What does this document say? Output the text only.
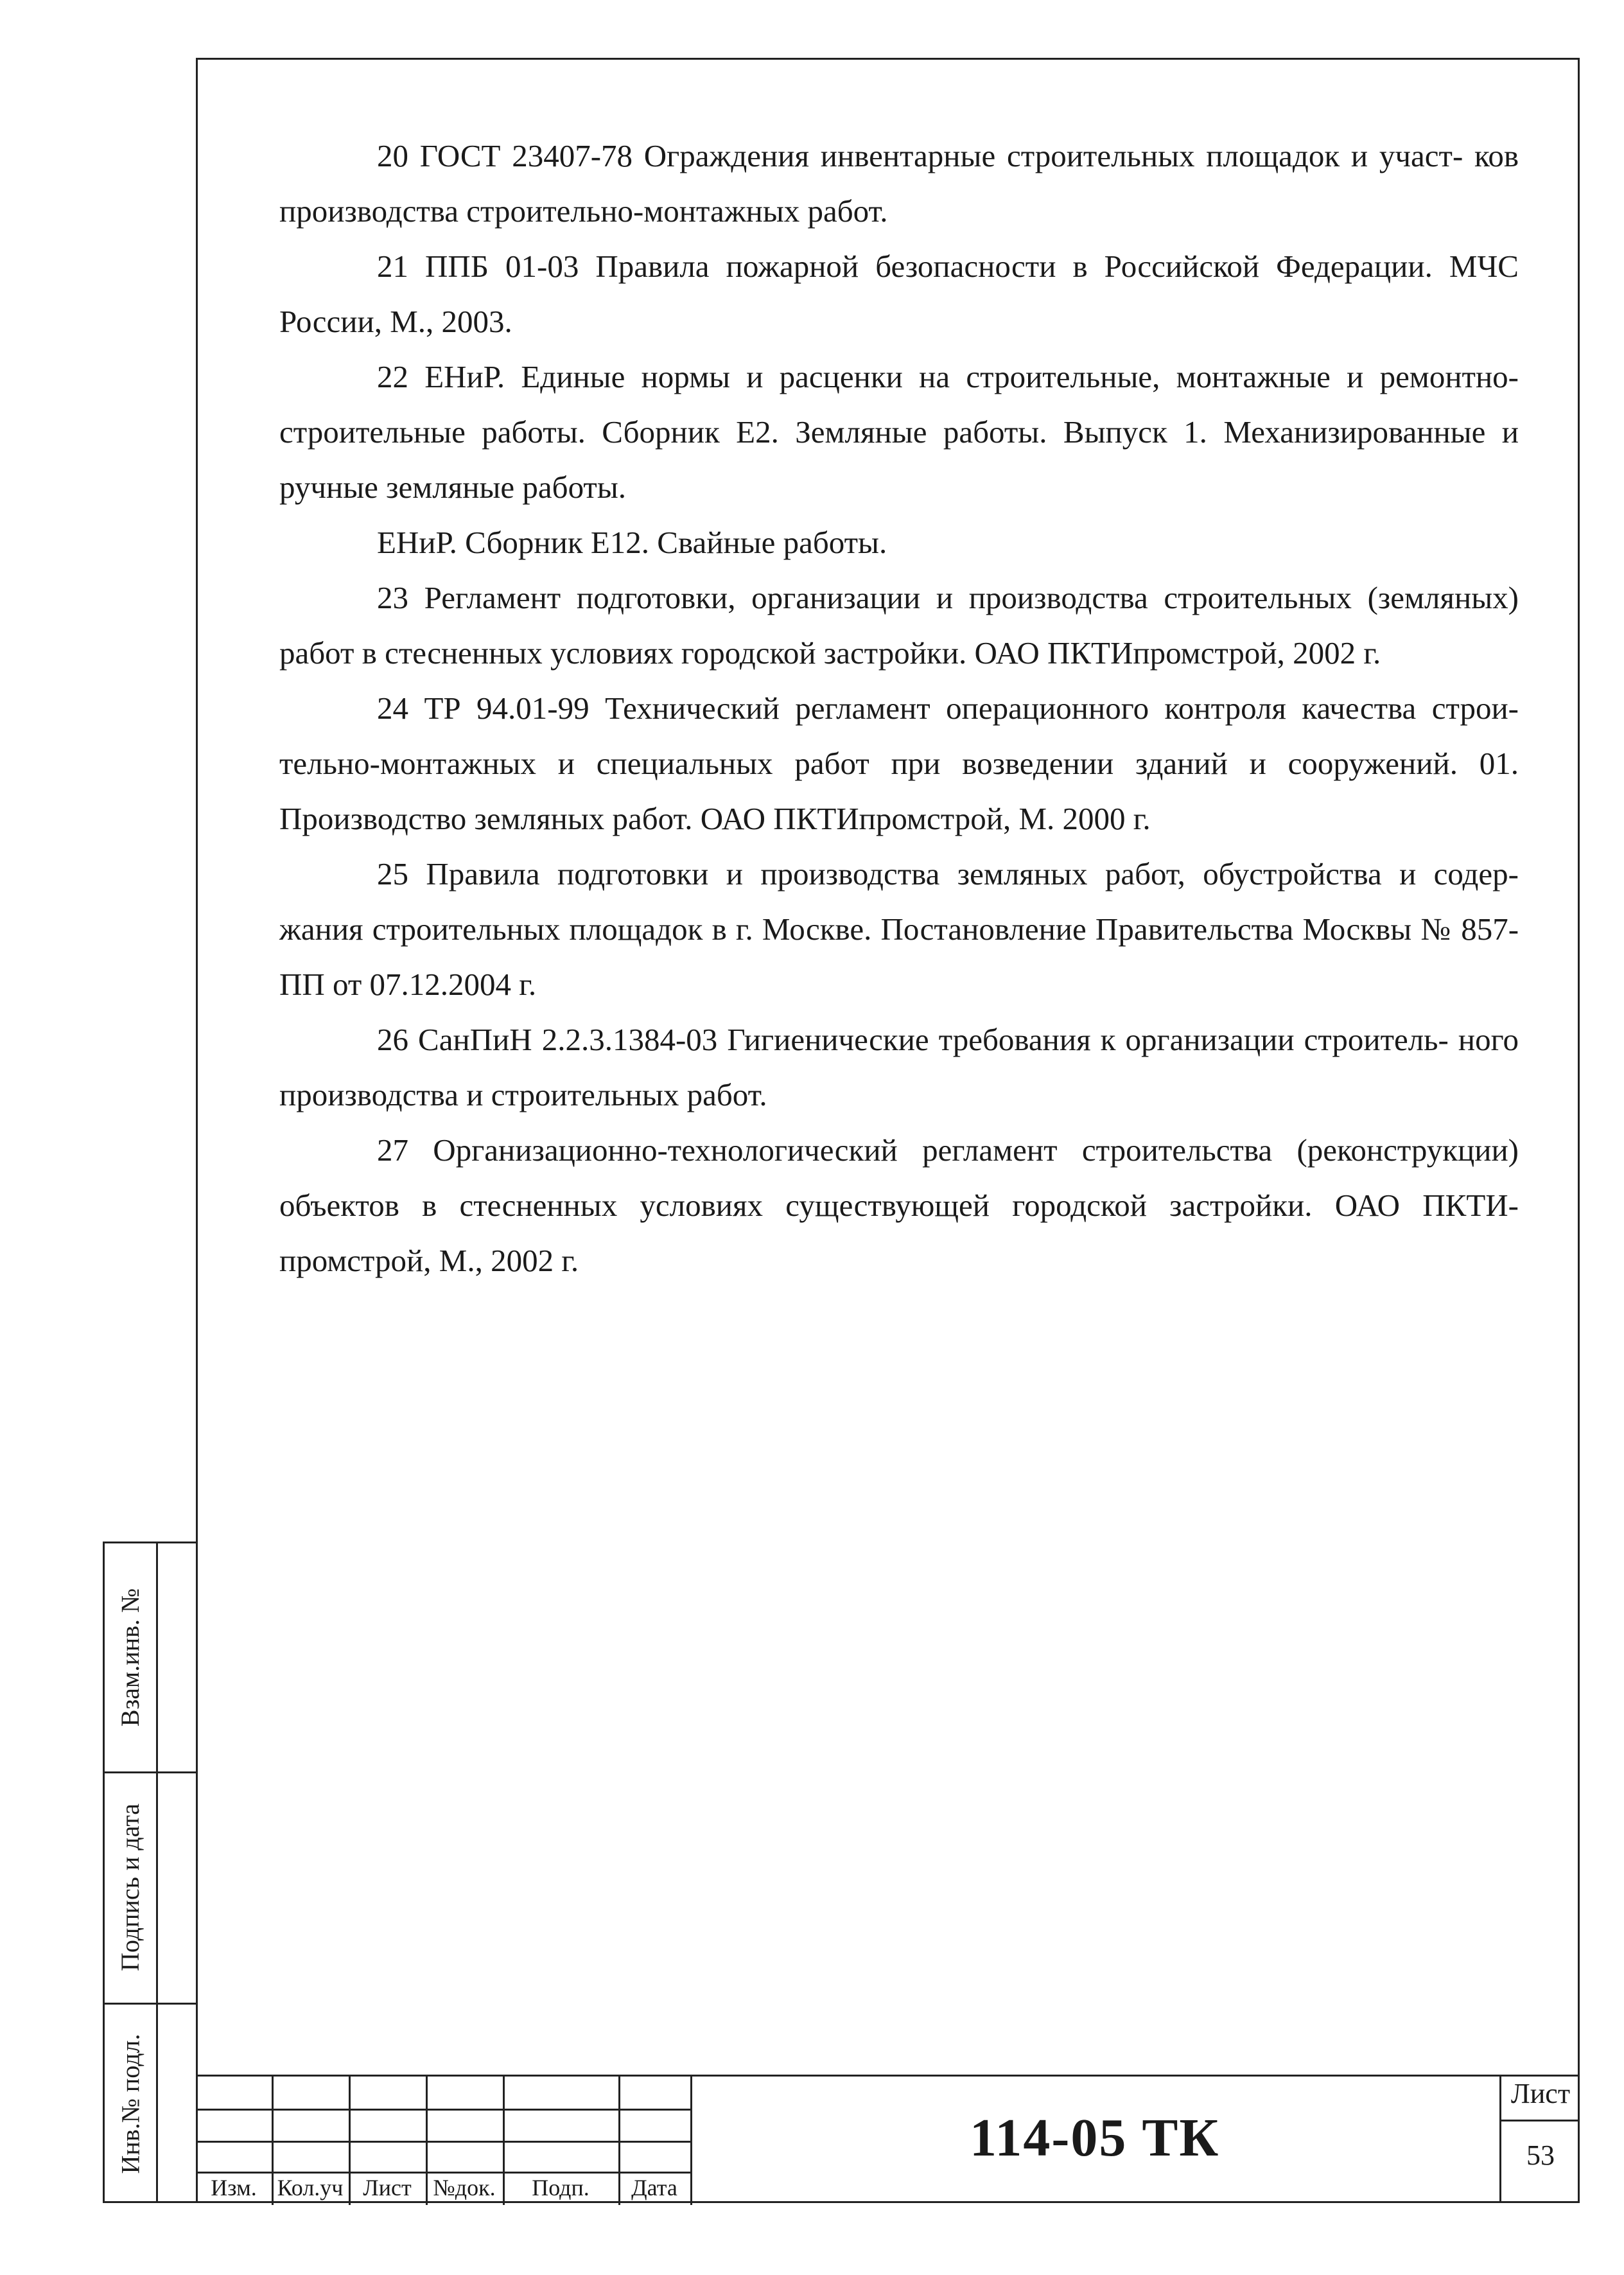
20 ГОСТ 23407-78 Ограждения инвентарные строительных площадок и участ- ков производства строительно-монтажных работ.

21 ППБ 01-03 Правила пожарной безопасности в Российской Федерации. МЧС России, М., 2003.

22 ЕНиР. Единые нормы и расценки на строительные, монтажные и ремонтно- строительные работы. Сборник Е2. Земляные работы. Выпуск 1. Механизированные и ручные земляные работы.

ЕНиР. Сборник Е12. Свайные работы.

23 Регламент подготовки, организации и производства строительных (земляных) работ в стесненных условиях городской застройки. ОАО ПКТИпромстрой, 2002 г.

24 ТР 94.01-99 Технический регламент операционного контроля качества строи- тельно-монтажных и специальных работ при возведении зданий и сооружений. 01. Производство земляных работ. ОАО ПКТИпромстрой, М. 2000 г.

25 Правила подготовки и производства земляных работ, обустройства и содер- жания строительных площадок в г. Москве. Постановление Правительства Москвы № 857-ПП от 07.12.2004 г.

26 СанПиН 2.2.3.1384-03 Гигиенические требования к организации строитель- ного производства и строительных работ.

27 Организационно-технологический регламент строительства (реконструкции) объектов в стесненных условиях существующей городской застройки. ОАО ПКТИ- промстрой, М., 2002 г.

Взам.инв. №
Подпись и дата
Инв.№ подл.
Изм. Кол.уч Лист №док.	Подп.	Дата
114-05 ТК
Лист
53
